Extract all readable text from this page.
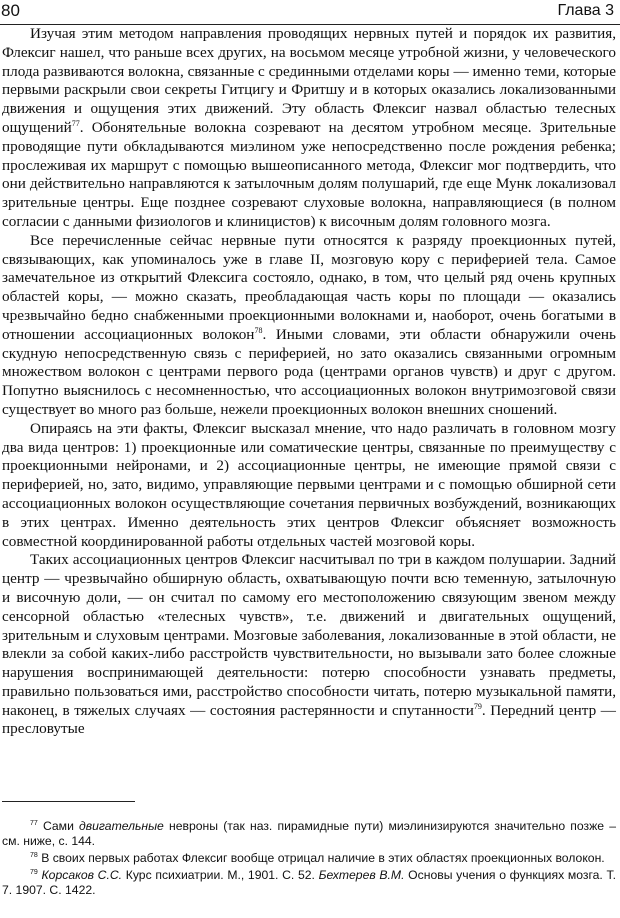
80	Глава 3

Изучая этим методом направления проводящих нервных путей и порядок их развития, Флексиг нашел, что раньше всех других, на восьмом месяце утробной жизни, у человеческого плода развиваются волокна, связанные с срединными отделами коры — именно теми, которые первыми раскрыли свои секреты Гитцигу и Фритшу и в которых оказались локализованными движения и ощущения этих движений. Эту область Флексиг назвал областью телесных ощущений$^{77}$. Обонятельные волокна созревают на десятом утробном месяце. Зрительные проводящие пути обкладываются миэлином уже непосредственно после рождения ребенка; прослеживая их маршрут с помощью вышеописанного метода, Флексиг мог подтвердить, что они действительно направляются к затылочным долям полушарий, где еще Мунк локализовал зрительные центры. Еще позднее созревают слуховые волокна, направляющиеся (в полном согласии с данными физиологов и клиницистов) к височным долям головного мозга.

Все перечисленные сейчас нервные пути относятся к разряду проекционных путей, связывающих, как упоминалось уже в главе II, мозговую кору с периферией тела. Самое замечательное из открытий Флексига состояло, однако, в том, что целый ряд очень крупных областей коры, — можно сказать, преобладающая часть коры по площади — оказались чрезвычайно бедно снабженными проекционными волокнами и, наоборот, очень богатыми в отношении ассоциационных волокон$^{78}$. Иными словами, эти области обнаружили очень скудную непосредственную связь с периферией, но зато оказались связанными огромным множеством волокон с центрами первого рода (центрами органов чувств) и друг с другом. Попутно выяснилось с несомненностью, что ассоциационных волокон внутримозговой связи существует во много раз больше, нежели проекционных волокон внешних сношений.

Опираясь на эти факты, Флексиг высказал мнение, что надо различать в головном мозгу два вида центров: 1) проекционные или соматические центры, связанные по преимуществу с проекционными нейронами, и 2) ассоциационные центры, не имеющие прямой связи с периферией, но, зато, видимо, управляющие первыми центрами и с помощью обширной сети ассоциационных волокон осуществляющие сочетания первичных возбуждений, возникающих в этих центрах. Именно деятельность этих центров Флексиг объясняет возможность совместной координированной работы отдельных частей мозговой коры.

Таких ассоциационных центров Флексиг насчитывал по три в каждом полушарии. Задний центр — чрезвычайно обширную область, охватывающую почти всю теменную, затылочную и височную доли, — он считал по самому его местоположению связующим звеном между сенсорной областью «телесных чувств», т.е. движений и двигательных ощущений, зрительным и слуховым центрами. Мозговые заболевания, локализованные в этой области, не влекли за собой каких-либо расстройств чувствительности, но вызывали зато более сложные нарушения воспринимающей деятельности: потерю способности узнавать предметы, правильно пользоваться ими, расстройство способности читать, потерю музыкальной памяти, наконец, в тяжелых случаях — состояния растерянности и спутанности$^{79}$. Передний центр — пресловутые

$^{77}$ Сами двигательные невроны (так наз. пирамидные пути) миэлинизируются значительно позже – см. ниже, с. 144.

$^{78}$ В своих первых работах Флексиг вообще отрицал наличие в этих областях проекционных волокон.

$^{79}$ Корсаков С.С. Курс психиатрии. М., 1901. С. 52. Бехтерев В.М. Основы учения о функциях мозга. Т. 7. 1907. С. 1422.
